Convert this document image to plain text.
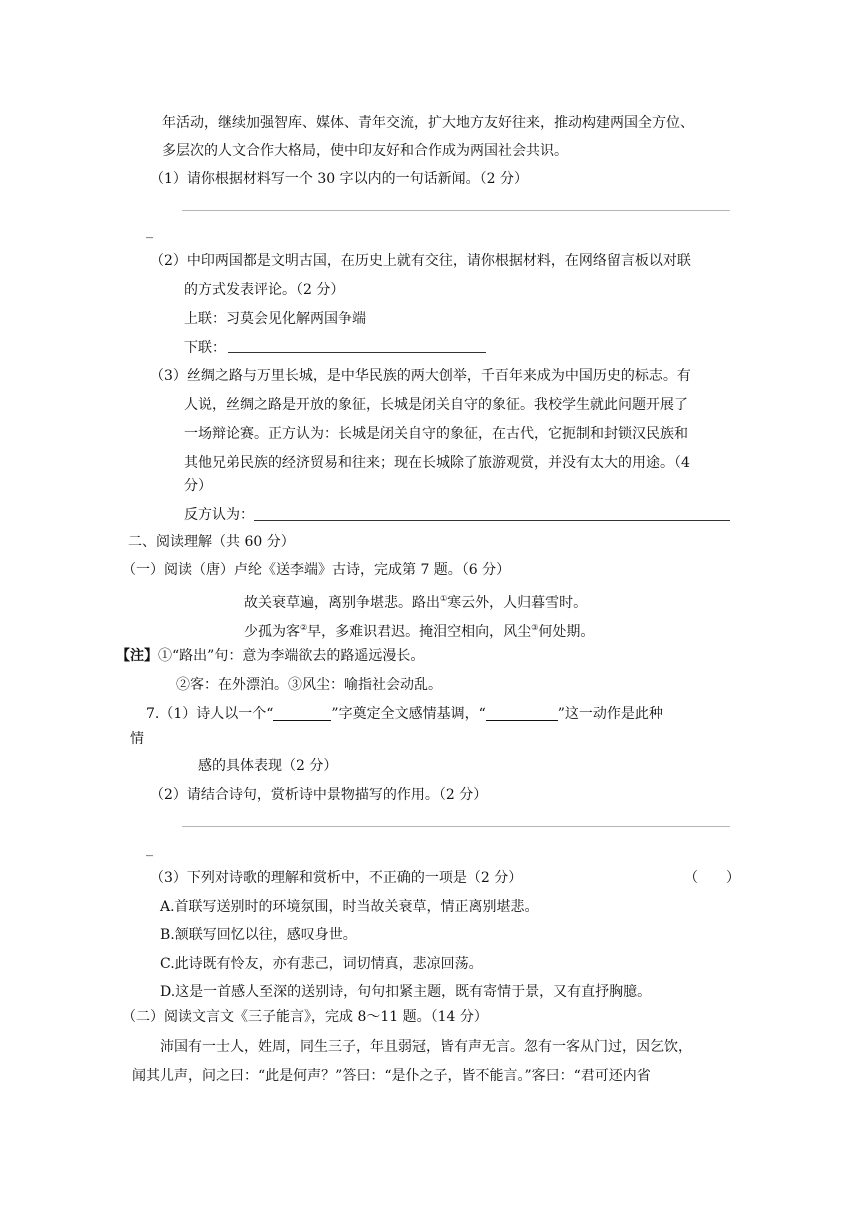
年活动，继续加强智库、媒体、青年交流，扩大地方友好往来，推动构建两国全方位、
多层次的人文合作大格局，使中印友好和合作成为两国社会共识。
（1）请你根据材料写一个 30 字以内的一句话新闻。（2 分）
_
（2）中印两国都是文明古国，在历史上就有交往，请你根据材料，在网络留言板以对联
的方式发表评论。（2 分）
上联：习莫会见化解两国争端
下联：
（3）丝绸之路与万里长城，是中华民族的两大创举，千百年来成为中国历史的标志。有
人说，丝绸之路是开放的象征，长城是闭关自守的象征。我校学生就此问题开展了
一场辩论赛。正方认为：长城是闭关自守的象征，在古代，它扼制和封锁汉民族和
其他兄弟民族的经济贸易和往来；现在长城除了旅游观赏，并没有太大的用途。（4
分）
反方认为：
二、阅读理解（共 60 分）
（一）阅读（唐）卢纶《送李端》古诗，完成第 7 题。（6 分）
故关衰草遍，离别争堪悲。路出①寒云外，人归暮雪时。
少孤为客②早，多难识君迟。掩泪空相向，风尘③何处期。
【注】①“路出”句：意为李端欲去的路遥远漫长。
②客：在外漂泊。③风尘：喻指社会动乱。
7.（1）诗人以一个“	”字奠定全文感情基调，“	”这一动作是此种
情
感的具体表现（2 分）
（2）请结合诗句，赏析诗中景物描写的作用。（2 分）
_
（3）下列对诗歌的理解和赏析中，不正确的一项是（2 分）	（　　）
A.首联写送别时的环境氛围，时当故关衰草，情正离别堪悲。
B.颔联写回忆以往，感叹身世。
C.此诗既有怜友，亦有悲己，词切情真，悲凉回荡。
D.这是一首感人至深的送别诗，句句扣紧主题，既有寄情于景，又有直抒胸臆。
（二）阅读文言文《三子能言》，完成 8～11 题。（14 分）
沛国有一士人，姓周，同生三子，年且弱冠，皆有声无言。忽有一客从门过，因乞饮，
闻其儿声，问之曰：“此是何声？”答曰：“是仆之子，皆不能言。”客曰：“君可还内省
